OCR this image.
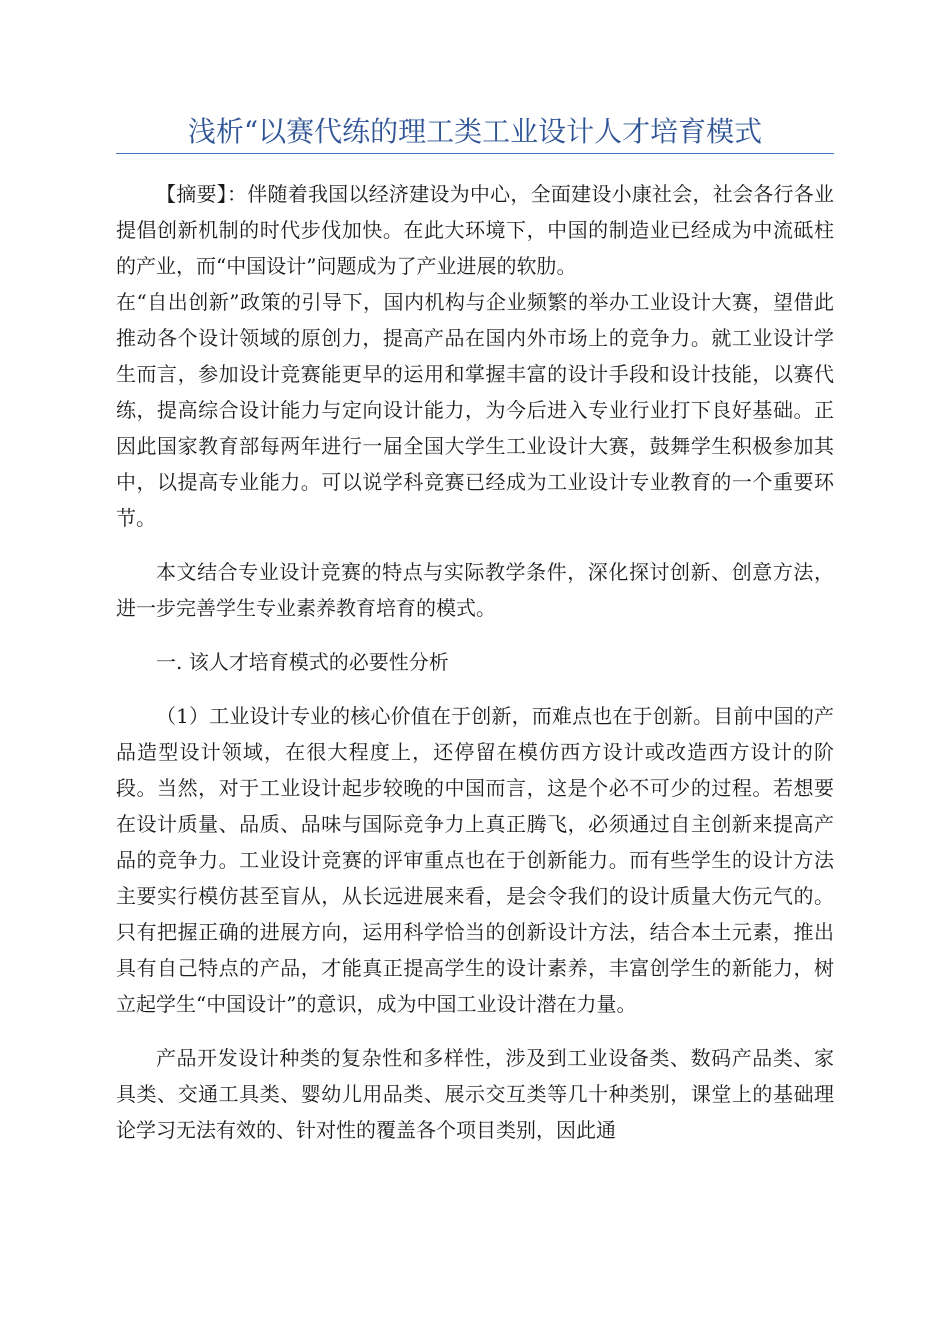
浅析“以赛代练的理工类工业设计人才培育模式

【摘要】：伴随着我国以经济建设为中心，全面建设小康社会，社会各行各业提倡创新机制的时代步伐加快。在此大环境下，中国的制造业已经成为中流砥柱的产业，而“中国设计”问题成为了产业进展的软肋。

在“自出创新”政策的引导下，国内机构与企业频繁的举办工业设计大赛，望借此推动各个设计领域的原创力，提高产品在国内外市场上的竞争力。就工业设计学生而言，参加设计竞赛能更早的运用和掌握丰富的设计手段和设计技能，以赛代练，提高综合设计能力与定向设计能力，为今后进入专业行业打下良好基础。正因此国家教育部每两年进行一届全国大学生工业设计大赛，鼓舞学生积极参加其中，以提高专业能力。可以说学科竞赛已经成为工业设计专业教育的一个重要环节。

本文结合专业设计竞赛的特点与实际教学条件，深化探讨创新、创意方法，进一步完善学生专业素养教育培育的模式。

一. 该人才培育模式的必要性分析

（1）工业设计专业的核心价值在于创新，而难点也在于创新。目前中国的产品造型设计领域，在很大程度上，还停留在模仿西方设计或改造西方设计的阶段。当然，对于工业设计起步较晚的中国而言，这是个必不可少的过程。若想要在设计质量、品质、品味与国际竞争力上真正腾飞，必须通过自主创新来提高产品的竞争力。工业设计竞赛的评审重点也在于创新能力。而有些学生的设计方法主要实行模仿甚至盲从，从长远进展来看，是会令我们的设计质量大伤元气的。只有把握正确的进展方向，运用科学恰当的创新设计方法，结合本土元素，推出具有自己特点的产品，才能真正提高学生的设计素养，丰富创学生的新能力，树立起学生“中国设计”的意识，成为中国工业设计潜在力量。

产品开发设计种类的复杂性和多样性，涉及到工业设备类、数码产品类、家具类、交通工具类、婴幼儿用品类、展示交互类等几十种类别，课堂上的基础理论学习无法有效的、针对性的覆盖各个项目类别，因此通
